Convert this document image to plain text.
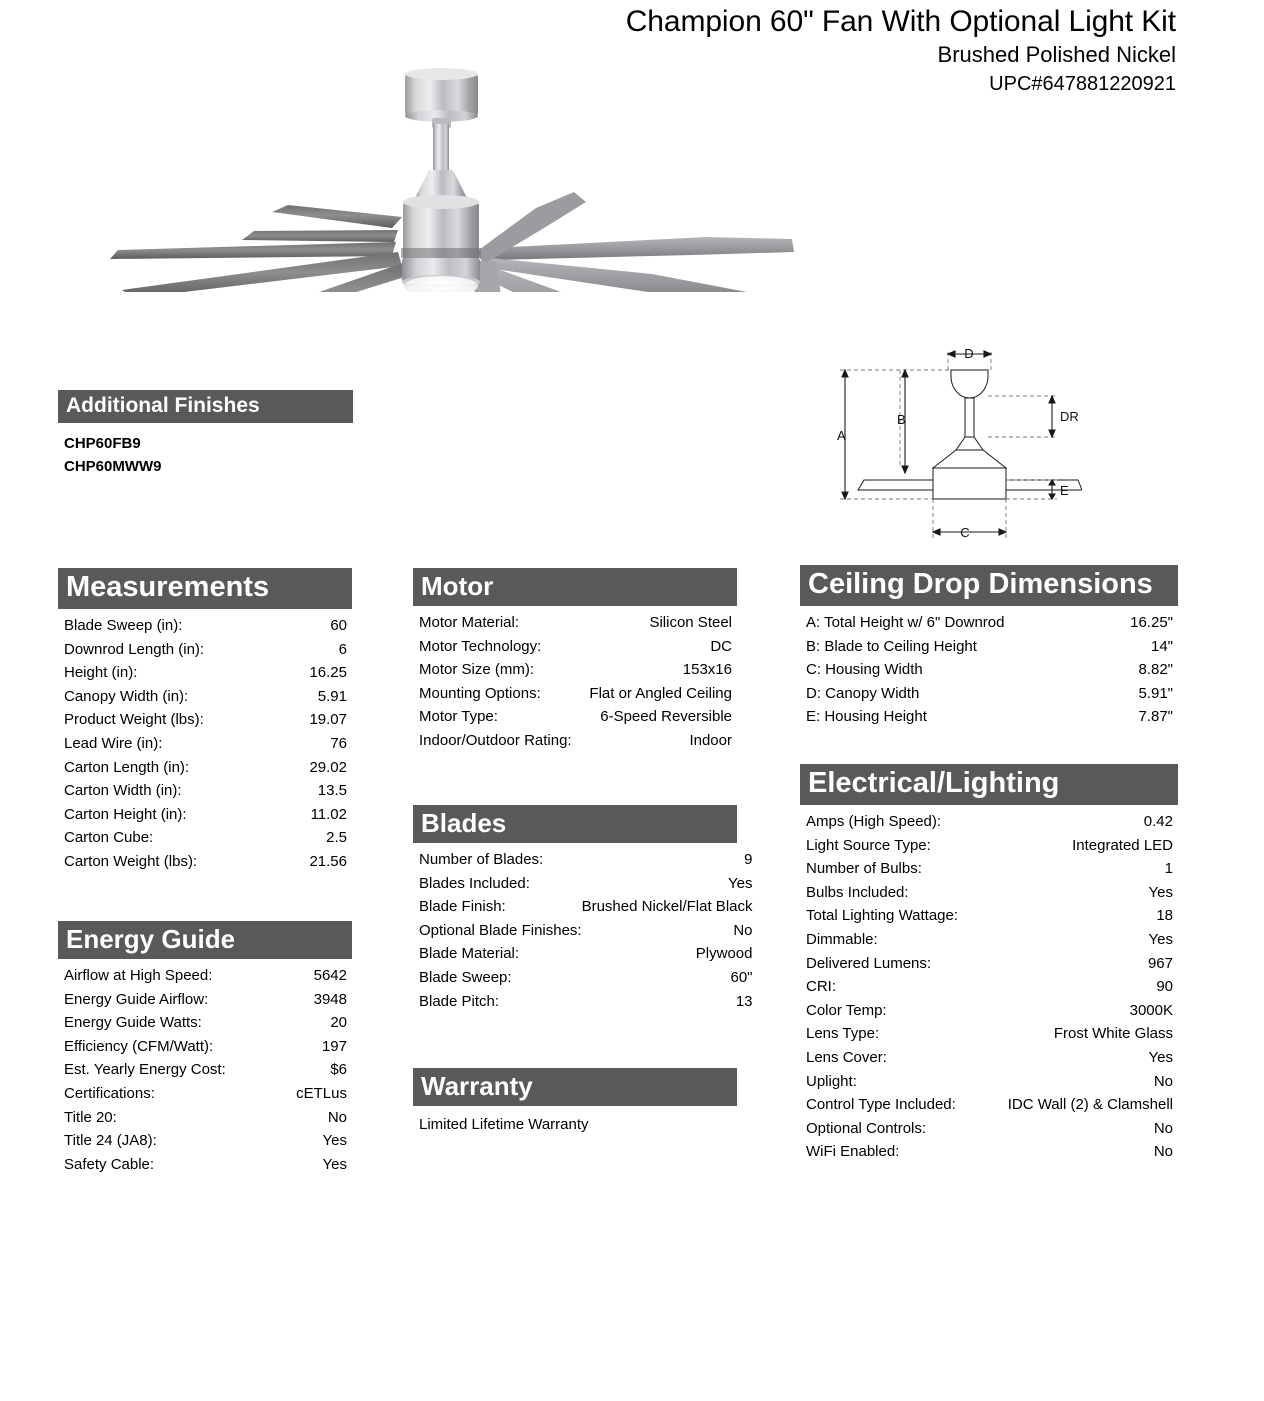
Champion 60" Fan With Optional Light Kit
Brushed Polished Nickel
UPC#647881220921
Additional Finishes
CHP60FB9
CHP60MWW9
A
B
C
D
DR
E
Measurements
Blade Sweep (in):	60
Downrod Length (in):	6
Height (in):	16.25
Canopy Width (in):	5.91
Product Weight (lbs):	19.07
Lead Wire (in):	76
Carton Length (in):	29.02
Carton Width (in):	13.5
Carton Height (in):	11.02
Carton Cube:	2.5
Carton Weight (lbs):	21.56
Energy Guide
Airflow at High Speed:	5642
Energy Guide Airflow:	3948
Energy Guide Watts:	20
Efficiency (CFM/Watt):	197
Est. Yearly Energy Cost:	$6
Certifications:	cETLus
Title 20:	No
Title 24 (JA8):	Yes
Safety Cable:	Yes
Motor
Motor Material:	Silicon Steel
Motor Technology:	DC
Motor Size (mm):	153x16
Mounting Options:	Flat or Angled Ceiling
Motor Type:	6-Speed Reversible
Indoor/Outdoor Rating:	Indoor
Blades
Number of Blades:	9
Blades Included:	Yes
Blade Finish:	Brushed Nickel/Flat Black
Optional Blade Finishes:	No
Blade Material:	Plywood
Blade Sweep:	60"
Blade Pitch:	13
Warranty
Limited Lifetime Warranty
Ceiling Drop Dimensions
A: Total Height w/ 6" Downrod	16.25"
B: Blade to Ceiling Height	14"
C: Housing Width	8.82"
D: Canopy Width	5.91"
E: Housing Height	7.87"
Electrical/Lighting
Amps (High Speed):	0.42
Light Source Type:	Integrated LED
Number of Bulbs:	1
Bulbs Included:	Yes
Total Lighting Wattage:	18
Dimmable:	Yes
Delivered Lumens:	967
CRI:	90
Color Temp:	3000K
Lens Type:	Frost White Glass
Lens Cover:	Yes
Uplight:	No
Control Type Included:	IDC Wall (2) & Clamshell
Optional Controls:	No
WiFi Enabled:	No
